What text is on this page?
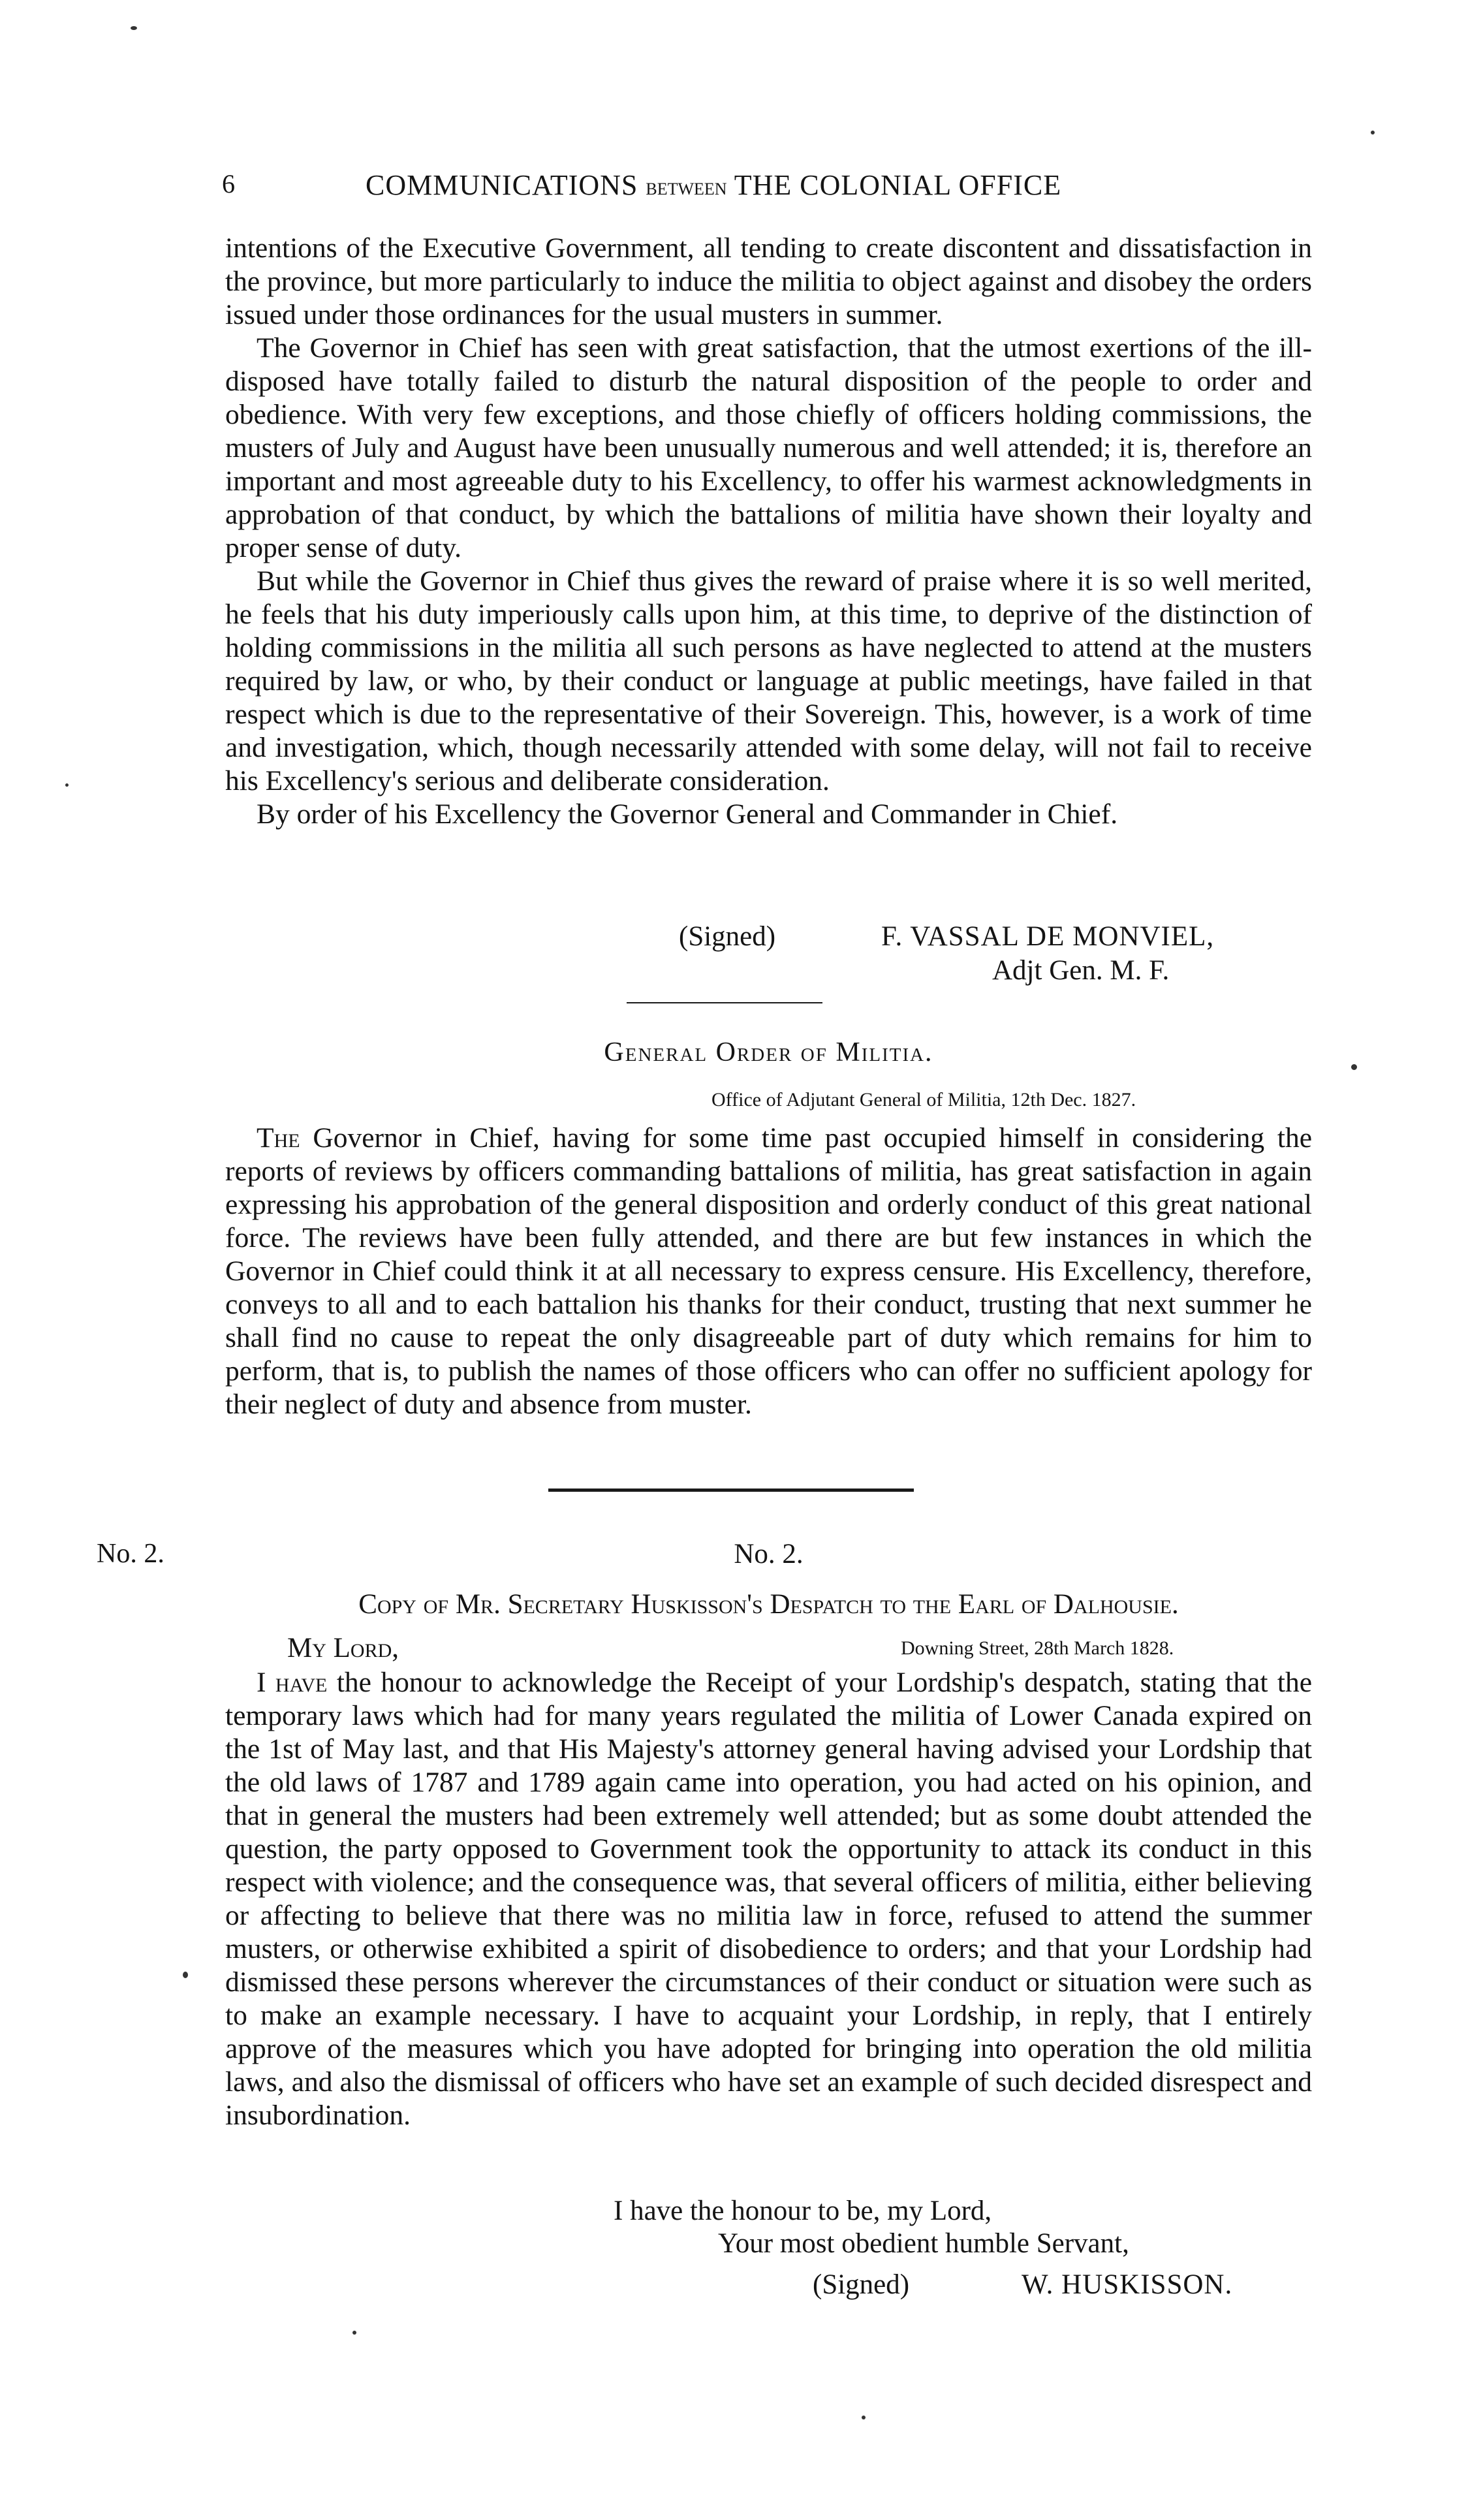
6	COMMUNICATIONS BETWEEN THE COLONIAL OFFICE

intentions of the Executive Government, all tending to create discontent and dissatisfaction in the province, but more particularly to induce the militia to object against and disobey the orders issued under those ordinances for the usual musters in summer.

The Governor in Chief has seen with great satisfaction, that the utmost exertions of the ill-disposed have totally failed to disturb the natural disposition of the people to order and obedience. With very few exceptions, and those chiefly of officers holding commissions, the musters of July and August have been unusually numerous and well attended; it is, therefore an important and most agreeable duty to his Excellency, to offer his warmest acknowledgments in approbation of that conduct, by which the battalions of militia have shown their loyalty and proper sense of duty.

But while the Governor in Chief thus gives the reward of praise where it is so well merited, he feels that his duty imperiously calls upon him, at this time, to deprive of the distinction of holding commissions in the militia all such persons as have neglected to attend at the musters required by law, or who, by their conduct or language at public meetings, have failed in that respect which is due to the representative of their Sovereign. This, however, is a work of time and investigation, which, though necessarily attended with some delay, will not fail to receive his Excellency's serious and deliberate consideration.

By order of his Excellency the Governor General and Commander in Chief.

(Signed)	F. VASSAL DE MONVIEL,
Adjt Gen. M. F.
General Order of Militia.
Office of Adjutant General of Militia, 12th Dec. 1827.

The Governor in Chief, having for some time past occupied himself in considering the reports of reviews by officers commanding battalions of militia, has great satisfaction in again expressing his approbation of the general disposition and orderly conduct of this great national force. The reviews have been fully attended, and there are but few instances in which the Governor in Chief could think it at all necessary to express censure. His Excellency, therefore, conveys to all and to each battalion his thanks for their conduct, trusting that next summer he shall find no cause to repeat the only disagreeable part of duty which remains for him to perform, that is, to publish the names of those officers who can offer no sufficient apology for their neglect of duty and absence from muster.

No. 2.	No. 2.
Copy of Mr. Secretary Huskisson's Despatch to the Earl of Dalhousie.
My Lord,	Downing Street, 28th March 1828.

I have the honour to acknowledge the Receipt of your Lordship's despatch, stating that the temporary laws which had for many years regulated the militia of Lower Canada expired on the 1st of May last, and that His Majesty's attorney general having advised your Lordship that the old laws of 1787 and 1789 again came into operation, you had acted on his opinion, and that in general the musters had been extremely well attended; but as some doubt attended the question, the party opposed to Government took the opportunity to attack its conduct in this respect with violence; and the consequence was, that several officers of militia, either believing or affecting to believe that there was no militia law in force, refused to attend the summer musters, or otherwise exhibited a spirit of disobedience to orders; and that your Lordship had dismissed these persons wherever the circumstances of their conduct or situation were such as to make an example necessary. I have to acquaint your Lordship, in reply, that I entirely approve of the measures which you have adopted for bringing into operation the old militia laws, and also the dismissal of officers who have set an example of such decided disrespect and insubordination.

I have the honour to be, my Lord,
Your most obedient humble Servant,
(Signed)	W. HUSKISSON.
